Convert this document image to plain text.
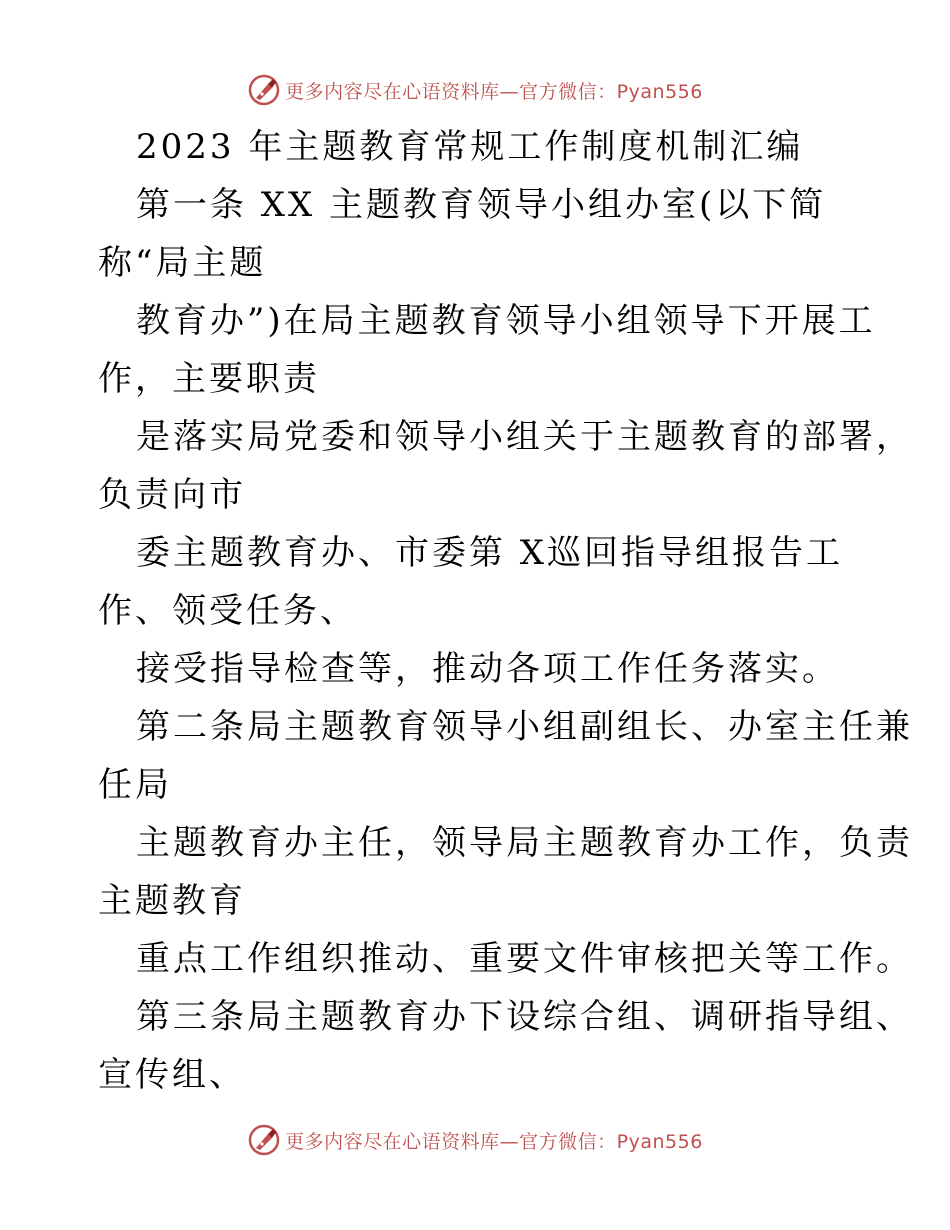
更多内容尽在心语资料库—官方微信：Pyan556
2023 年主题教育常规工作制度机制汇编
第一条 XX 主题教育领导小组办室(以下简
称“局主题
教育办”)在局主题教育领导小组领导下开展工
作，主要职责
是落实局党委和领导小组关于主题教育的部署，
负责向市
委主题教育办、市委第 X巡回指导组报告工
作、领受任务、
接受指导检查等，推动各项工作任务落实。
第二条局主题教育领导小组副组长、办室主任兼
任局
主题教育办主任，领导局主题教育办工作，负责
主题教育
重点工作组织推动、重要文件审核把关等工作。
第三条局主题教育办下设综合组、调研指导组、
宣传组、
更多内容尽在心语资料库—官方微信：Pyan556
